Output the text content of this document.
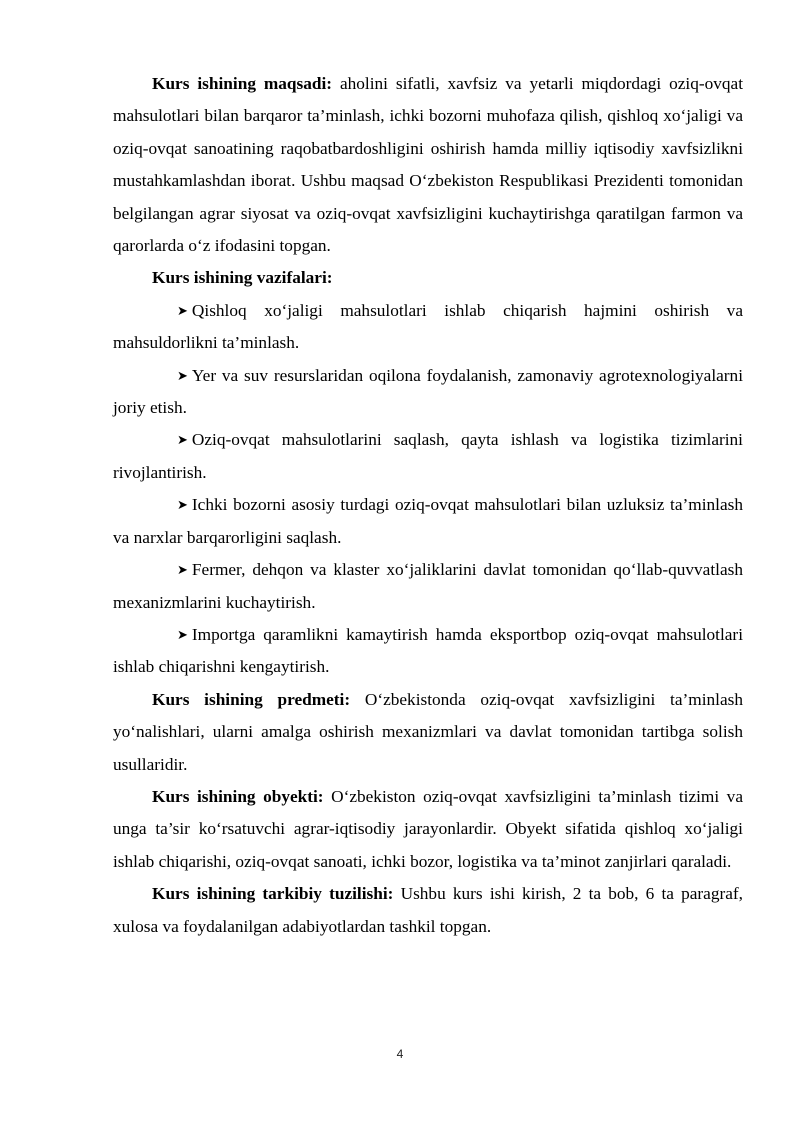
Kurs ishining maqsadi: aholini sifatli, xavfsiz va yetarli miqdordagi oziq-ovqat mahsulotlari bilan barqaror ta’minlash, ichki bozorni muhofaza qilish, qishloq xo‘jaligi va oziq-ovqat sanoatining raqobatbardoshligini oshirish hamda milliy iqtisodiy xavfsizlikni mustahkamlashdan iborat. Ushbu maqsad O‘zbekiston Respublikasi Prezidenti tomonidan belgilangan agrar siyosat va oziq-ovqat xavfsizligini kuchaytirishga qaratilgan farmon va qarorlarda o‘z ifodasini topgan.

Kurs ishining vazifalari:

➤ Qishloq xo‘jaligi mahsulotlari ishlab chiqarish hajmini oshirish va mahsuldorlikni ta’minlash.

➤ Yer va suv resurslaridan oqilona foydalanish, zamonaviy agrotexnologiyalarni joriy etish.

➤ Oziq-ovqat mahsulotlarini saqlash, qayta ishlash va logistika tizimlarini rivojlantirish.

➤ Ichki bozorni asosiy turdagi oziq-ovqat mahsulotlari bilan uzluksiz ta’minlash va narxlar barqarorligini saqlash.

➤ Fermer, dehqon va klaster xo‘jaliklarini davlat tomonidan qo‘llab-quvvatlash mexanizmlarini kuchaytirish.

➤ Importga qaramlikni kamaytirish hamda eksportbop oziq-ovqat mahsulotlari ishlab chiqarishni kengaytirish.

Kurs ishining predmeti: O‘zbekistonda oziq-ovqat xavfsizligini ta’minlash yo‘nalishlari, ularni amalga oshirish mexanizmlari va davlat tomonidan tartibga solish usullaridir.

Kurs ishining obyekti: O‘zbekiston oziq-ovqat xavfsizligini ta’minlash tizimi va unga ta’sir ko‘rsatuvchi agrar-iqtisodiy jarayonlardir. Obyekt sifatida qishloq xo‘jaligi ishlab chiqarishi, oziq-ovqat sanoati, ichki bozor, logistika va ta’minot zanjirlari qaraladi.

Kurs ishining tarkibiy tuzilishi: Ushbu kurs ishi kirish, 2 ta bob, 6 ta paragraf, xulosa va foydalanilgan adabiyotlardan tashkil topgan.

4
